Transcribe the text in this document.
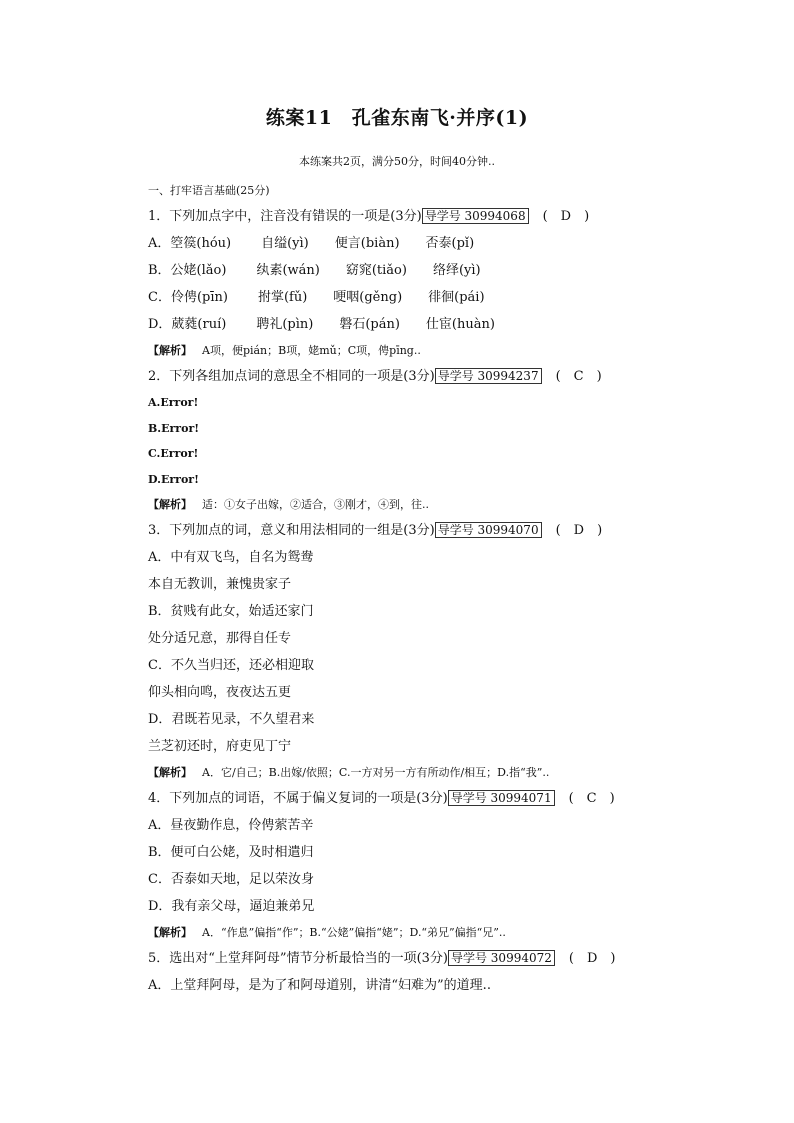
练案11　孔雀东南飞·并序(1)
本练案共2页，满分50分，时间40分钟..
一、打牢语言基础(25分)
1．下列加点字中，注音没有错误的一项是(3分) 导学号 30994068 (　D　)
A．箜篌(hóu) 自缢(yì) 便言(biàn) 否泰(pǐ)
B．公姥(lǎo) 纨素(wán) 窈窕(tiǎo) 络绎(yì)
C．伶俜(pīn) 拊掌(fǔ) 哽咽(gěng) 徘徊(pái)
D．葳蕤(ruí) 聘礼(pìn) 磐石(pán) 仕宦(huàn)
【解析】 A项，便pián；B项，姥mǔ；C项，俜pīng..
2．下列各组加点词的意思全不相同的一项是(3分) 导学号 30994237 (　C　)
A.Error!
B.Error!
C.Error!
D.Error!
【解析】 适：①女子出嫁，②适合，③刚才，④到，往..
3．下列加点的词，意义和用法相同的一组是(3分) 导学号 30994070 (　D　)
A．中有双飞鸟，自名为鸳鸯
本自无教训，兼愧贵家子
B．贫贱有此女，始适还家门
处分适兄意，那得自任专
C．不久当归还，还必相迎取
仰头相向鸣，夜夜达五更
D．君既若见录，不久望君来
兰芝初还时，府吏见丁宁
【解析】 A．它/自己；B.出嫁/依照；C.一方对另一方有所动作/相互；D.指“我”..
4．下列加点的词语，不属于偏义复词的一项是(3分) 导学号 30994071 (　C　)
A．昼夜勤作息，伶俜萦苦辛
B．便可白公姥，及时相遣归
C．否泰如天地，足以荣汝身
D．我有亲父母，逼迫兼弟兄
【解析】 A．“作息”偏指“作”；B.“公姥”偏指“姥”；D.“弟兄”偏指“兄”..
5．选出对“上堂拜阿母”情节分析最恰当的一项(3分) 导学号 30994072 (　D　)
A．上堂拜阿母，是为了和阿母道别，讲清“妇难为”的道理..
